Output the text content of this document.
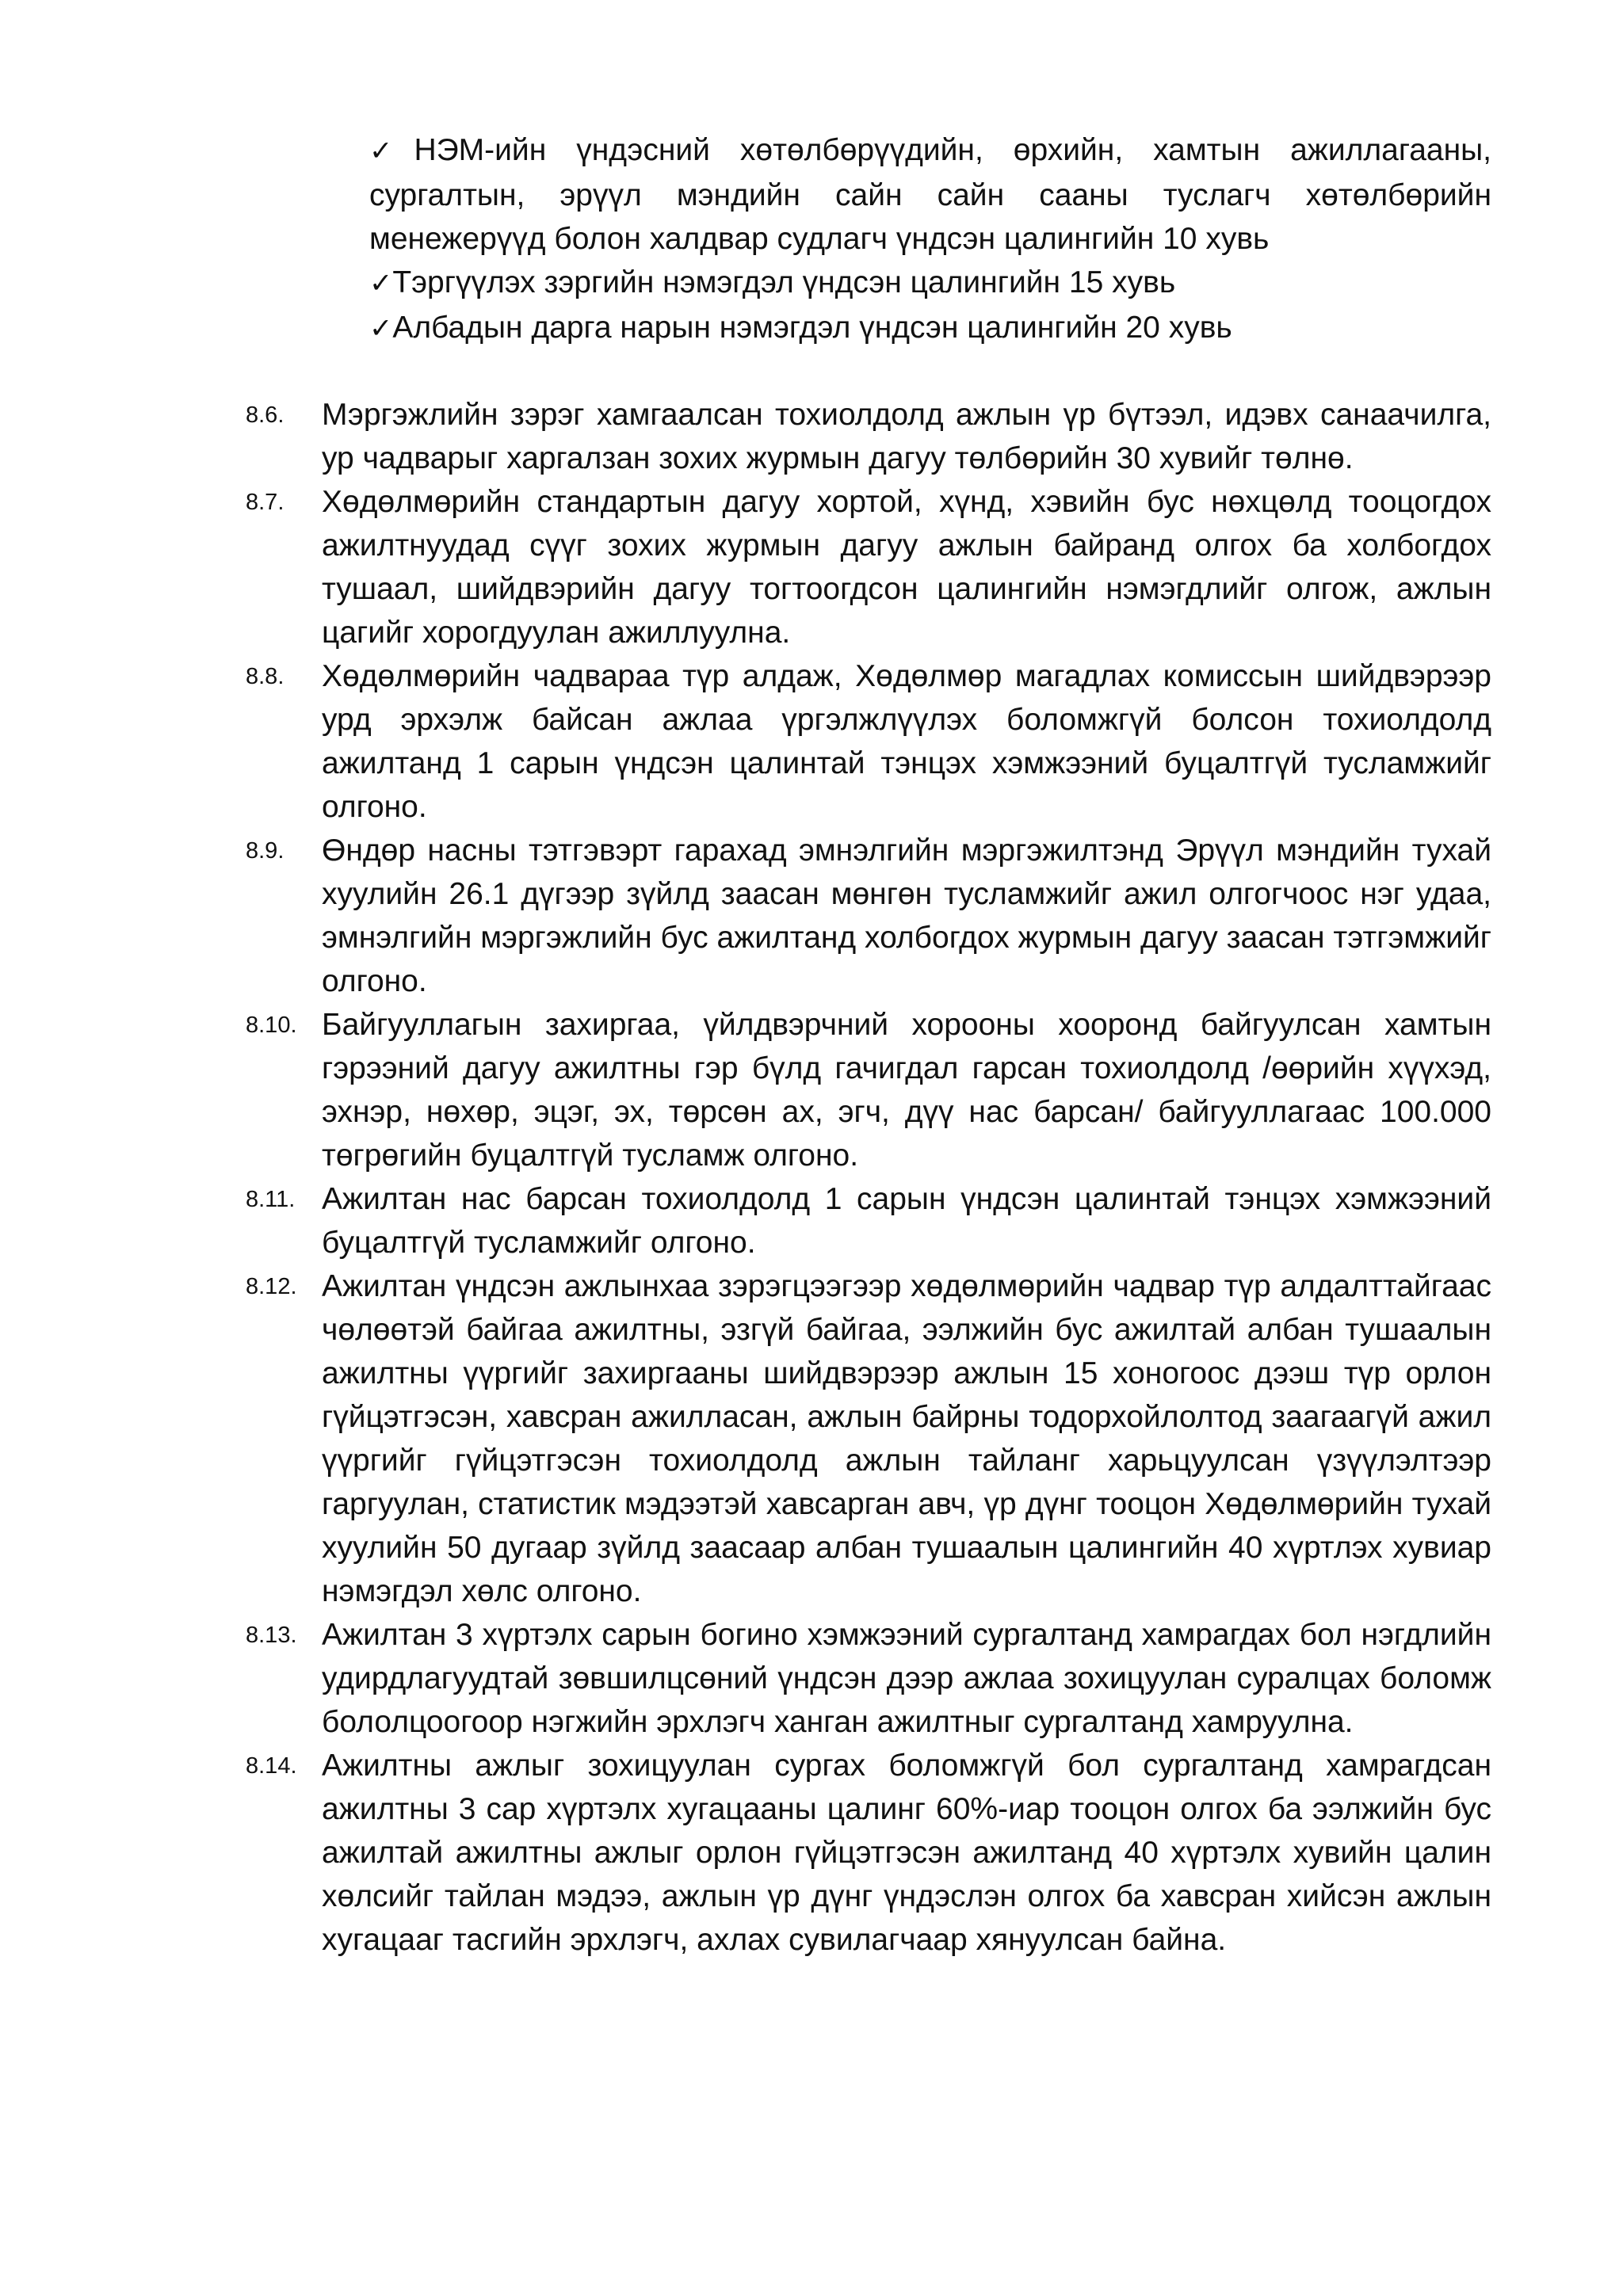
✓НЭМ-ийн үндэсний хөтөлбөрүүдийн, өрхийн, хамтын ажиллагааны, сургалтын, эрүүл мэндийн сайн сайн сааны туслагч хөтөлбөрийн менежерүүд болон халдвар судлагч үндсэн цалингийн 10 хувь

✓Тэргүүлэх зэргийн нэмэгдэл үндсэн цалингийн 15 хувь

✓Албадын дарга нарын нэмэгдэл үндсэн цалингийн 20 хувь

8.6. Мэргэжлийн зэрэг хамгаалсан тохиолдолд ажлын үр бүтээл, идэвх санаачилга, ур чадварыг харгалзан зохих журмын дагуу төлбөрийн 30 хувийг төлнө.
8.7. Хөдөлмөрийн стандартын дагуу хортой, хүнд, хэвийн бус нөхцөлд тооцогдох ажилтнуудад сүүг зохих журмын дагуу ажлын байранд олгох ба холбогдох тушаал, шийдвэрийн дагуу тогтоогдсон цалингийн нэмэгдлийг олгож, ажлын цагийг хорогдуулан ажиллуулна.
8.8. Хөдөлмөрийн чадвараа түр алдаж, Хөдөлмөр магадлах комиссын шийдвэрээр урд эрхэлж байсан ажлаа үргэлжлүүлэх боломжгүй болсон тохиолдолд ажилтанд 1 сарын үндсэн цалинтай тэнцэх хэмжээний буцалтгүй тусламжийг олгоно.
8.9. Өндөр насны тэтгэвэрт гарахад эмнэлгийн мэргэжилтэнд Эрүүл мэндийн тухай хуулийн 26.1 дүгээр зүйлд заасан мөнгөн тусламжийг ажил олгогчоос нэг удаа, эмнэлгийн мэргэжлийн бус ажилтанд холбогдох журмын дагуу заасан тэтгэмжийг олгоно.
8.10. Байгууллагын захиргаа, үйлдвэрчний хорооны хооронд байгуулсан хамтын гэрээний дагуу ажилтны гэр бүлд гачигдал гарсан тохиолдолд /өөрийн хүүхэд, эхнэр, нөхөр, эцэг, эх, төрсөн ах, эгч, дүү нас барсан/ байгууллагаас 100.000 төгрөгийн буцалтгүй тусламж олгоно.
8.11. Ажилтан нас барсан тохиолдолд 1 сарын үндсэн цалинтай тэнцэх хэмжээний буцалтгүй тусламжийг олгоно.
8.12. Ажилтан үндсэн ажлынхаа зэрэгцээгээр хөдөлмөрийн чадвар түр алдалттайгаас чөлөөтэй байгаа ажилтны, эзгүй байгаа, ээлжийн бус ажилтай албан тушаалын ажилтны үүргийг захиргааны шийдвэрээр ажлын 15 хоногоос дээш түр орлон гүйцэтгэсэн, хавсран ажилласан, ажлын байрны тодорхойлолтод заагаагүй ажил үүргийг гүйцэтгэсэн тохиолдолд ажлын тайланг харьцуулсан үзүүлэлтээр гаргуулан, статистик мэдээтэй хавсарган авч, үр дүнг тооцон Хөдөлмөрийн тухай хуулийн 50 дугаар зүйлд заасаар албан тушаалын цалингийн 40 хүртлэх хувиар нэмэгдэл хөлс олгоно.
8.13. Ажилтан 3 хүртэлх сарын богино хэмжээний сургалтанд хамрагдах бол нэгдлийн удирдлагуудтай зөвшилцсөний үндсэн дээр ажлаа зохицуулан суралцах боломж бололцоогоор нэгжийн эрхлэгч ханган ажилтныг сургалтанд хамруулна.
8.14. Ажилтны ажлыг зохицуулан сургах боломжгүй бол сургалтанд хамрагдсан ажилтны 3 сар хүртэлх хугацааны цалинг 60%-иар тооцон олгох ба ээлжийн бус ажилтай ажилтны ажлыг орлон гүйцэтгэсэн ажилтанд 40 хүртэлх хувийн цалин хөлсийг тайлан мэдээ, ажлын үр дүнг үндэслэн олгох ба хавсран хийсэн ажлын хугацааг тасгийн эрхлэгч, ахлах сувилагчаар хянуулсан байна.
